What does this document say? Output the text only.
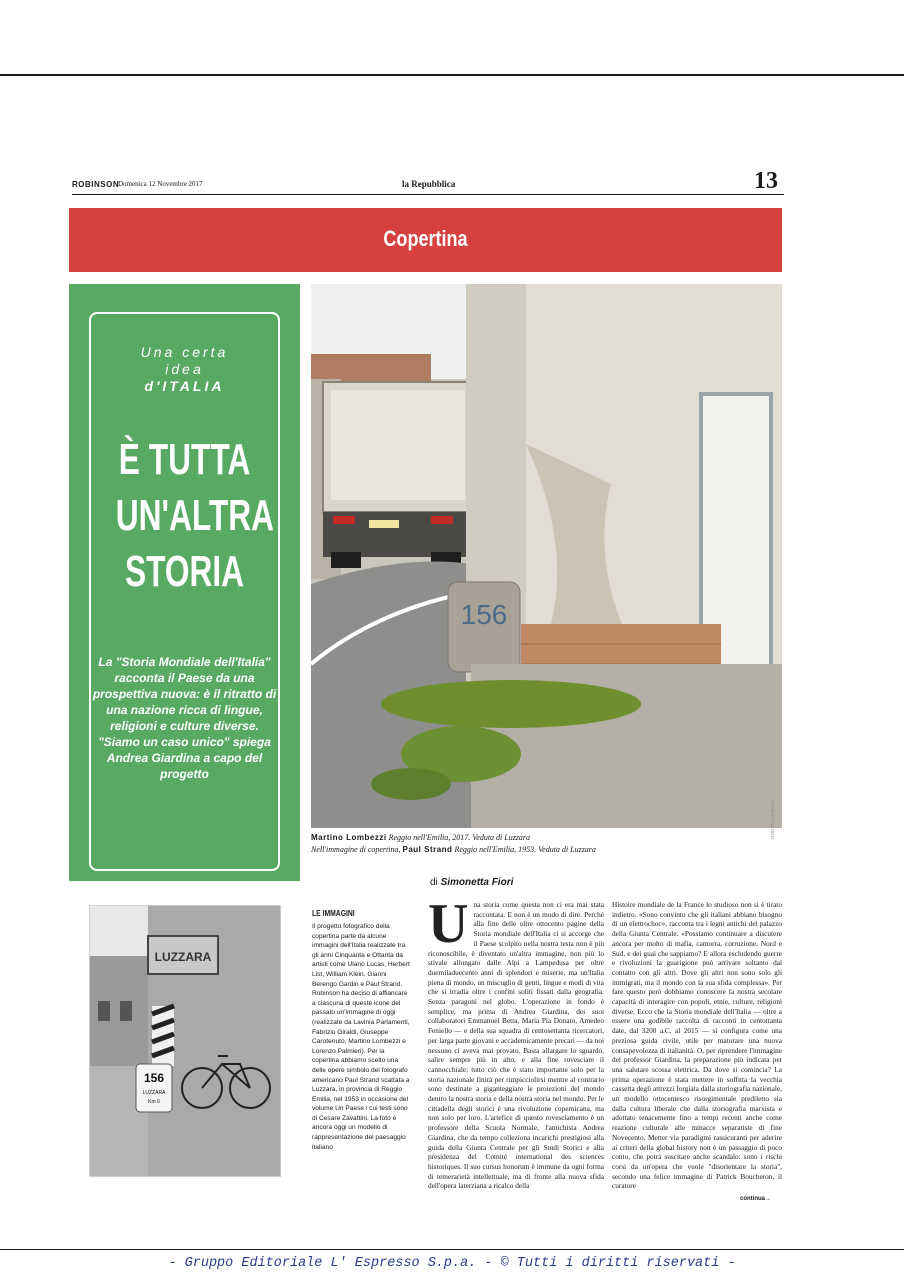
ROBINSON
Domenica 12 Novembre 2017	la Repubblica	13
Copertina
Una certa
idea
d'ITALIA
È TUTTA
UN'ALTRA
STORIA
La "Storia Mondiale dell'Italia" racconta il Paese da una prospettiva nuova: è il ritratto di una nazione ricca di lingue, religioni e culture diverse. "Siamo un caso unico" spiega Andrea Giardina a capo del progetto
156
MARTINO LOMBEZZI
Martino Lombezzi Reggio nell'Emilia, 2017. Veduta di Luzzara
Nell'immagine di copertina, Paul Strand Reggio nell'Emilia, 1953. Veduta di Luzzara
di Simonetta Fiori
LUZZARA
156
LUZZARA
Km 0
LE IMMAGINI
Il progetto fotografico della copertina parte da alcune immagini dell'Italia realizzate tra gli anni Cinquanta e Ottanta da artisti come Ulano Lucas, Herbert List, William Klein, Gianni Berengo Gardin e Paul Strand. Robinson ha deciso di affiancare a ciascuna di queste icone del passato un'immagine di oggi (realizzate da Lavinia Parlamenti, Fabrizio Giraldi, Giuseppe Carotenuto, Martino Lombezzi e Lorenzo Palmieri). Per la copertina abbiamo scelto una delle opere simbolo del fotografo americano Paul Strand scattata a Luzzara, in provincia di Reggio Emilia, nel 1953 in occasione del volume Un Paese i cui testi sono di Cesare Zavattini. La foto è ancora oggi un modello di rappresentazione del paesaggio italiano
U na storia come questa non ci era mai stata raccontata. E non è un modo di dire. Perché alla fine delle oltre ottocento pagine della Storia mondiale dell'Italia ci si accorge che il Paese scolpito nella nostra testa non è più riconoscibile, è diventato un'altra immagine, non più lo stivale allungato dalle Alpi a Lampedusa per oltre duemiladuecento anni di splendori e miserie, ma un'Italia piena di mondo, un miscuglio di genti, lingue e modi di vita che si irradia oltre i confini soliti fissati dalla geografia. Senza paragoni nel globo. L'operazione in fondo è semplice, ma prima di Andrea Giardina, dei suoi collaboratori Emmanuel Betta, Maria Pia Donato, Amedeo Feniello — e della sua squadra di centosettanta ricercatori, per larga parte giovani e accademicamente precari — da noi nessuno ci aveva mai provato. Basta allargare lo sguardo, salire sempre più in alto, e alla fine rovesciare il cannocchiale: tutto ciò che è stato importante solo per la storia nazionale finirà per rimpicciolirsi mentre al contrario sono destinate a giganteggiare le proiezioni del mondo dentro la nostra storia e della nostra storia nel mondo. Per le cittadella degli storici è una rivoluzione copernicana, ma non solo per loro. L'artefice di questo rovesciamento è un professore della Scuola Normale, l'antichista Andrea Giardina, che da tempo colleziona incarichi prestigiosi alla guida della Giunta Centrale per gli Studi Storici e alla presidenza del Comité international des sciences historiques. Il suo cursus honorum è immune da ogni forma di temerarietà intellettuale, ma di fronte alla nuova sfida dell'opera laterziana a ricalco della
Histoire mondiale de la France lo studioso non si è tirato indietro. «Sono convinto che gli italiani abbiano bisogno di un elettrochoc», racconta tra i legni antichi del palazzo della Giunta Centrale. «Possiamo continuare a discutere ancora per molto di mafia, camorra, corruzione, Nord e Sud, e dei guai che sappiamo? E allora escludendo guerre e rivoluzioni la guarigione può arrivare soltanto dal contatto con gli altri. Dove gli altri non sono solo gli immigrati, ma il mondo con la sua sfida complessa». Per fare questo però dobbiamo conoscere la nostra secolare capacità di interagire con popoli, etnie, culture, religioni diverse. Ecco che la Storia mondiale dell'Italia — oltre a essere una godibile raccolta di racconti in centottanta date, dal 3200 a.C. al 2015 — si configura come una preziosa guida civile, utile per maturare una nuova consapevolezza di italianità. O, per riprendere l'immagine del professor Giardina, la preparazione più indicata per una salutare scossa elettrica. Da dove si comincia? La prima operazione è stata mettere in soffitta la vecchia cassetta degli attrezzi forgiata dalla storiografia nazionale, un modello ottocentesco risorgimentale prediletto sia dalla cultura liberale che dalla storiografia marxista e adottato tenacemente fino a tempi recenti anche come reazione culturale alle minacce separatiste di fine Novecento. Metter via paradigmi rassicuranti per aderire ai criteri della global history non è un passaggio di poco conto, che potrà suscitare anche scandalo: sono i rischi corsi da un'opera che vuole "disorientare la storia", secondo una felice immagine di Patrick Boucheron, il curatore
continua→
- Gruppo Editoriale L' Espresso S.p.a. - © Tutti i diritti riservati -
